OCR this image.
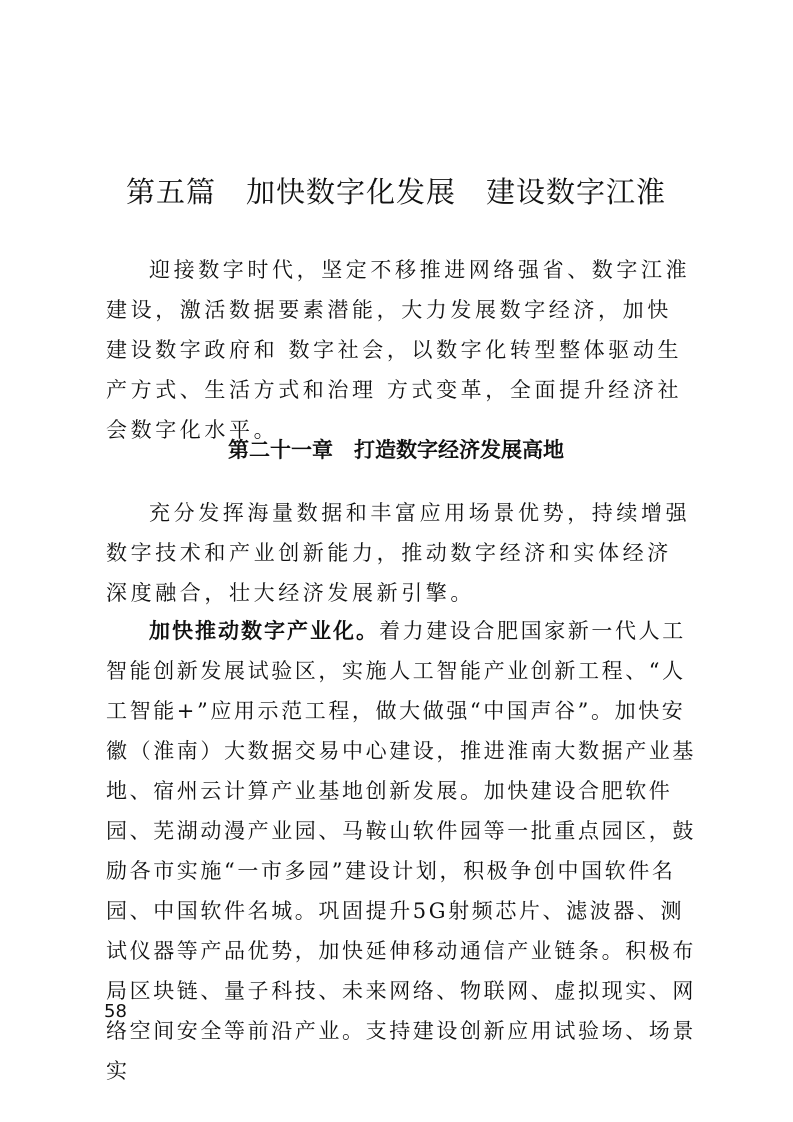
第五篇　加快数字化发展　建设数字江淮

迎接数字时代，坚定不移推进网络强省、数字江淮建设，激活数据要素潜能，大力发展数字经济，加快建设数字政府和 数字社会，以数字化转型整体驱动生产方式、生活方式和治理 方式变革，全面提升经济社会数字化水平。

第二十一章　打造数字经济发展高地

充分发挥海量数据和丰富应用场景优势，持续增强数字技术和产业创新能力，推动数字经济和实体经济深度融合，壮大经济发展新引擎。

加快推动数字产业化。着力建设合肥国家新一代人工智能创新发展试验区，实施人工智能产业创新工程、“人工智能+”应用示范工程，做大做强“中国声谷”。加快安徽（淮南）大数据交易中心建设，推进淮南大数据产业基地、宿州云计算产业基地创新发展。加快建设合肥软件园、芜湖动漫产业园、马鞍山软件园等一批重点园区，鼓励各市实施“一市多园”建设计划，积极争创中国软件名园、中国软件名城。巩固提升5G射频芯片、滤波器、测试仪器等产品优势，加快延伸移动通信产业链条。积极布局区块链、量子科技、未来网络、物联网、虚拟现实、网络空间安全等前沿产业。支持建设创新应用试验场、场景实

58
